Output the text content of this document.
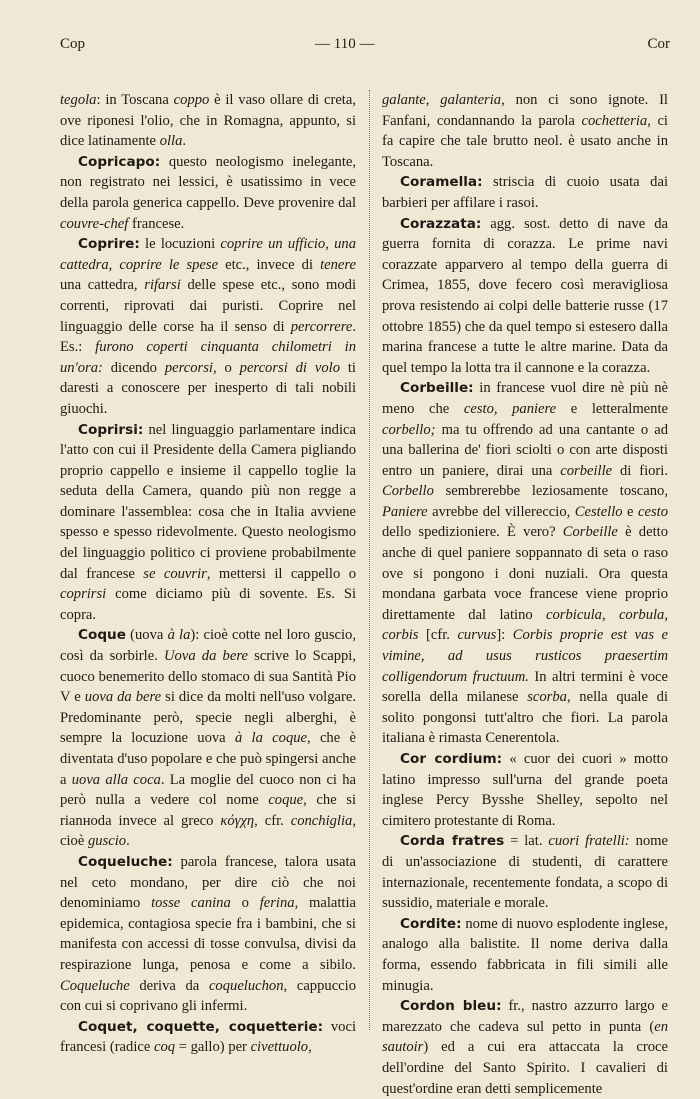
Cop	— 110 —	Cor

tegola: in Toscana coppo è il vaso ollare di creta, ove riponesi l'olio, che in Romagna, appunto, si dice latinamente olla.

Copricapo: questo neologismo inelegante, non registrato nei lessici, è usatissimo in vece della parola generica cappello. Deve provenire dal couvre-chef francese.

Coprire: le locuzioni coprire un ufficio, una cattedra, coprire le spese etc., invece di tenere una cattedra, rifarsi delle spese etc., sono modi correnti, riprovati dai puristi. Coprire nel linguaggio delle corse ha il senso di percorrere. Es.: furono coperti cinquanta chilometri in un'ora: dicendo percorsi, o percorsi di volo ti daresti a conoscere per inesperto di tali nobili giuochi.

Coprirsi: nel linguaggio parlamentare indica l'atto con cui il Presidente della Camera pigliando proprio cappello e insieme il cappello toglie la seduta della Camera, quando più non regge a dominare l'assemblea: cosa che in Italia avviene spesso e spesso ridevolmente. Questo neologismo del linguaggio politico ci proviene probabilmente dal francese se couvrir, mettersi il cappello o coprirsi come diciamo più di sovente. Es. Si copra.

Coque (uova à la): cioè cotte nel loro guscio, così da sorbirle. Uova da bere scrive lo Scappi, cuoco benemerito dello stomaco di sua Santità Pio V e uova da bere si dice da molti nell'uso volgare. Predominante però, specie negli alberghi, è sempre la locuzione uova à la coque, che è diventata d'uso popolare e che può spingersi anche a uova alla coca. La moglie del cuoco non ci ha però nulla a vedere col nome coque, che si rianноda invece al greco κόγχη, cfr. conchiglia, cioè guscio.

Coqueluche: parola francese, talora usata nel ceto mondano, per dire ciò che noi denominiamo tosse canina o ferina, malattia epidemica, contagiosa specie fra i bambini, che si manifesta con accessi di tosse convulsa, divisi da respirazione lunga, penosa e come a sibilo. Coqueluche deriva da coqueluchon, cappuccio con cui si coprivano gli infermi.

Coquet, coquette, coquetterie: voci francesi (radice coq = gallo) per civettuolo,

galante, galanteria, non ci sono ignote. Il Fanfani, condannando la parola cochetteria, ci fa capire che tale brutto neol. è usato anche in Toscana.

Coramella: striscia di cuoio usata dai barbieri per affilare i rasoi.

Corazzata: agg. sost. detto di nave da guerra fornita di corazza. Le prime navi corazzate apparvero al tempo della guerra di Crimea, 1855, dove fecero così meravigliosa prova resistendo ai colpi delle batterie russe (17 ottobre 1855) che da quel tempo si estesero dalla marina francese a tutte le altre marine. Data da quel tempo la lotta tra il cannone e la corazza.

Corbeille: in francese vuol dire nè più nè meno che cesto, paniere e letteralmente corbello; ma tu offrendo ad una cantante o ad una ballerina de' fiori sciolti o con arte disposti entro un paniere, dirai una corbeille di fiori. Corbello sembrerebbe leziosamente toscano, Paniere avrebbe del villereccio, Cestello e cesto dello spedizioniere. È vero? Corbeille è detto anche di quel paniere soppannato di seta o raso ove si pongono i doni nuziali. Ora questa mondana garbata voce francese viene proprio direttamente dal latino corbicula, corbula, corbis [cfr. curvus]: Corbis proprie est vas e vimine, ad usus rusticos praesertim colligendorum fructuum. In altri termini è voce sorella della milanese scorba, nella quale di solito pongonsi tutt'altro che fiori. La parola italiana è rimasta Cenerentola.

Cor cordium: « cuor dei cuori » motto latino impresso sull'urna del grande poeta inglese Percy Bysshe Shelley, sepolto nel cimitero protestante di Roma.

Corda fratres = lat. cuori fratelli: nome di un'associazione di studenti, di carattere internazionale, recentemente fondata, a scopo di sussidio, materiale e morale.

Cordite: nome di nuovo esplodente inglese, analogo alla balistite. Il nome deriva dalla forma, essendo fabbricata in fili simili alle minugia.

Cordon bleu: fr., nastro azzurro largo e marezzato che cadeva sul petto in punta (en sautoir) ed a cui era attaccata la croce dell'ordine del Santo Spirito. I cavalieri di quest'ordine eran detti semplicemente
